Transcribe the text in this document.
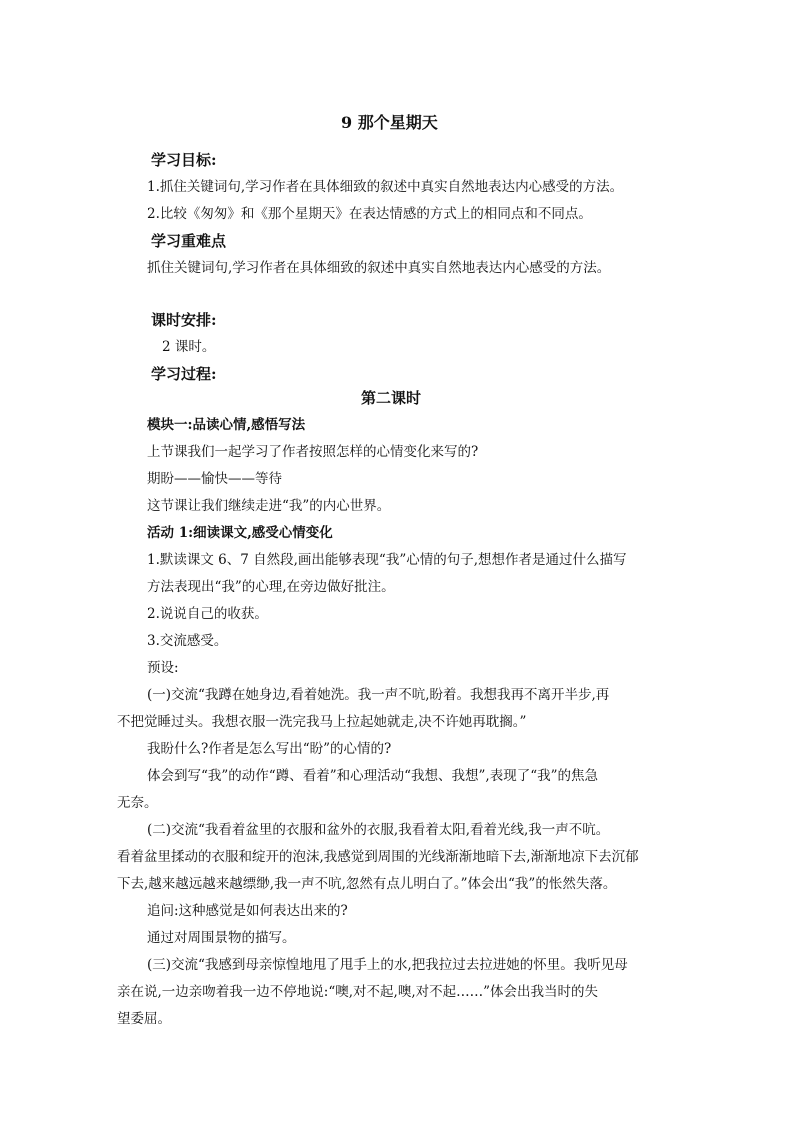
9 那个星期天
学习目标:
1.抓住关键词句,学习作者在具体细致的叙述中真实自然地表达内心感受的方法。
2.比较《匆匆》和《那个星期天》在表达情感的方式上的相同点和不同点。
学习重难点
抓住关键词句,学习作者在具体细致的叙述中真实自然地表达内心感受的方法。
课时安排:
2 课时。
学习过程:
第二课时
模块一:品读心情,感悟写法
上节课我们一起学习了作者按照怎样的心情变化来写的?
期盼——愉快——等待
这节课让我们继续走进“我”的内心世界。
活动 1:细读课文,感受心情变化
1.默读课文 6、7 自然段,画出能够表现“我”心情的句子,想想作者是通过什么描写
方法表现出“我”的心理,在旁边做好批注。
2.说说自己的收获。
3.交流感受。
预设:
(一)交流“我蹲在她身边,看着她洗。我一声不吭,盼着。我想我再不离开半步,再
不把觉睡过头。我想衣服一洗完我马上拉起她就走,决不许她再耽搁。”
我盼什么?作者是怎么写出“盼”的心情的?
体会到写“我”的动作“蹲、看着”和心理活动“我想、我想”,表现了“我”的焦急
无奈。
(二)交流“我看着盆里的衣服和盆外的衣服,我看着太阳,看着光线,我一声不吭。
看着盆里揉动的衣服和绽开的泡沫,我感觉到周围的光线渐渐地暗下去,渐渐地凉下去沉郁
下去,越来越远越来越缥缈,我一声不吭,忽然有点儿明白了。”体会出“我”的怅然失落。
追问:这种感觉是如何表达出来的?
通过对周围景物的描写。
(三)交流“我感到母亲惊惶地甩了甩手上的水,把我拉过去拉进她的怀里。我听见母
亲在说,一边亲吻着我一边不停地说:“噢,对不起,噢,对不起……”体会出我当时的失
望委屈。
